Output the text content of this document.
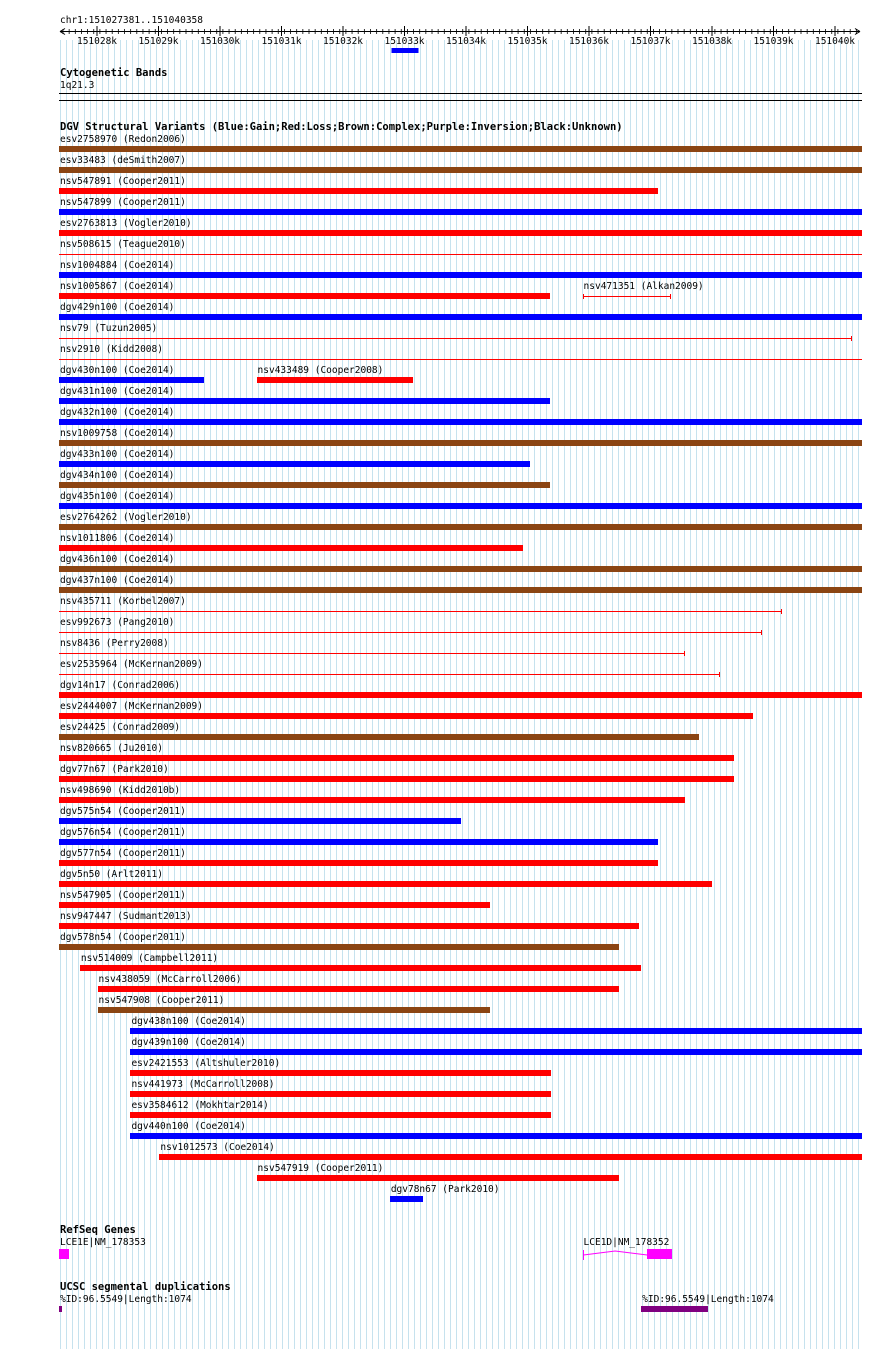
chr1:151027381..151040358
151028k 151029k 151030k 151031k 151032k 151033k 151034k 151035k 151036k 151037k 151038k 151039k 151040k
Cytogenetic Bands
1q21.3
DGV Structural Variants (Blue:Gain;Red:Loss;Brown:Complex;Purple:Inversion;Black:Unknown)
esv2758970 (Redon2006)
esv33483 (deSmith2007)
nsv547891 (Cooper2011)
nsv547899 (Cooper2011)
esv2763813 (Vogler2010)
nsv508615 (Teague2010)
nsv1004884 (Coe2014)
nsv1005867 (Coe2014)	nsv471351 (Alkan2009)
dgv429n100 (Coe2014)
nsv79 (Tuzun2005)
nsv2910 (Kidd2008)
dgv430n100 (Coe2014)	nsv433489 (Cooper2008)
dgv431n100 (Coe2014)
dgv432n100 (Coe2014)
nsv1009758 (Coe2014)
dgv433n100 (Coe2014)
dgv434n100 (Coe2014)
dgv435n100 (Coe2014)
esv2764262 (Vogler2010)
nsv1011806 (Coe2014)
dgv436n100 (Coe2014)
dgv437n100 (Coe2014)
nsv435711 (Korbel2007)
esv992673 (Pang2010)
nsv8436 (Perry2008)
esv2535964 (McKernan2009)
dgv14n17 (Conrad2006)
esv2444007 (McKernan2009)
esv24425 (Conrad2009)
nsv820665 (Ju2010)
dgv77n67 (Park2010)
nsv498690 (Kidd2010b)
dgv575n54 (Cooper2011)
dgv576n54 (Cooper2011)
dgv577n54 (Cooper2011)
dgv5n50 (Arlt2011)
nsv547905 (Cooper2011)
nsv947447 (Sudmant2013)
dgv578n54 (Cooper2011)
nsv514009 (Campbell2011)
nsv438059 (McCarroll2006)
nsv547908 (Cooper2011)
dgv438n100 (Coe2014)
dgv439n100 (Coe2014)
esv2421553 (Altshuler2010)
nsv441973 (McCarroll2008)
esv3584612 (Mokhtar2014)
dgv440n100 (Coe2014)
nsv1012573 (Coe2014)
nsv547919 (Cooper2011)
dgv78n67 (Park2010)
RefSeq Genes
LCE1E|NM_178353	LCE1D|NM_178352
UCSC segmental duplications
%ID:96.5549|Length:1074	%ID:96.5549|Length:1074
